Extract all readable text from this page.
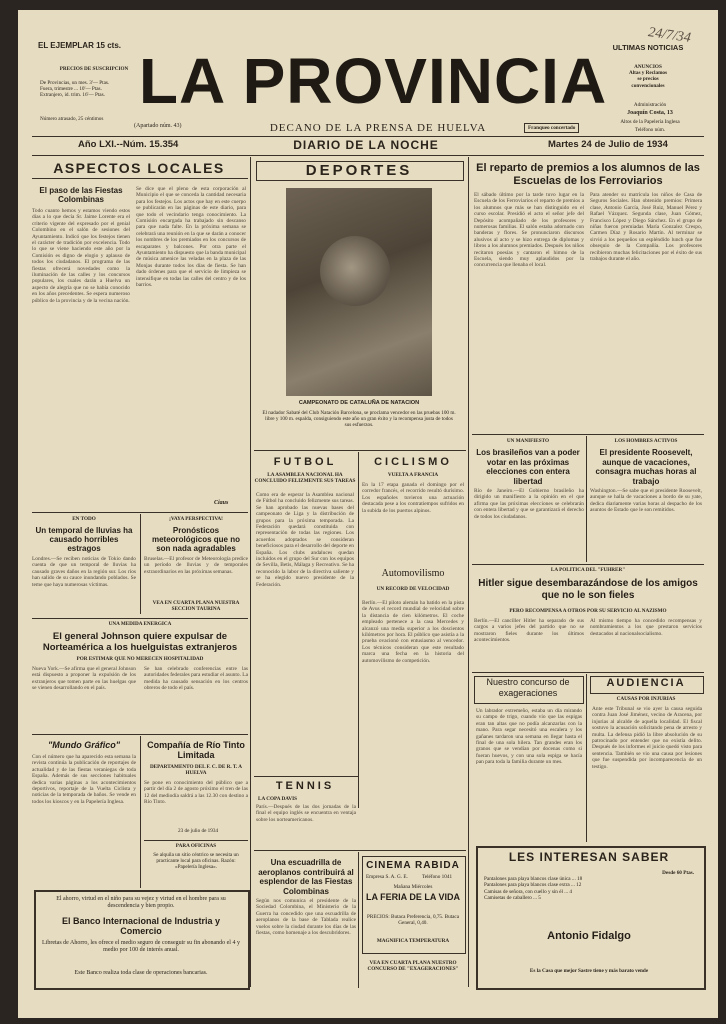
EL EJEMPLAR 15 cts.
PRECIOS DE SUSCRIPCION
De Provincias, un mes. 3'— Ptas.
Fuera, trimestre ... 10'— Ptas.
Extranjero, id. trim. 16'— Ptas.
Número atrasado, 25 céntimos
LA PROVINCIA
DECANO DE LA PRENSA DE HUELVA
(Apartado núm. 43)	Franqueo concertado
ULTIMAS NOTICIAS
ANUNCIOS
Altas y Reclamos
se precios
convencionales
Administración
Joaquín Costa, 13
Altos de la Papelería Inglesa
Teléfono núm.
24/7/34
Año LXI.--Núm. 15.354	DIARIO DE LA NOCHE	Martes 24 de Julio de 1934
ASPECTOS LOCALES
El paso de las Fiestas Colombinas
Todo cuanto hemos y estamos viendo estos días a lo que decía Sr. Jaime Lorente era el criterio vigente del expresado por el genial Colombino en el salón de sesiones del Ayuntamiento. Indicó que los festejos tienen el carácter de tradición por excelencia. Todo lo que se viene haciendo este año por la Comisión es digno de elogio y aplauso de todos los ciudadanos. El programa de las fiestas ofrecerá novedades como la iluminación de las calles y los concursos populares, los cuales darán a Huelva un aspecto de alegría que no se había conocido en los años precedentes. Se espera numeroso público de la provincia y de la vecina nación.
Se dice que el pleno de esta corporación al Municipio el que se conceda la cantidad necesaria para los festejos. Los actos que hay en este cuerpo se publicarán en las páginas de este diario, para que todo el vecindario tenga conocimiento. La Comisión encargada ha trabajado sin descanso para que nada falte. En la próxima semana se celebrará una reunión en la que se darán a conocer los nombres de los premiados en los concursos de escaparates y balcones. Por otra parte el Ayuntamiento ha dispuesto que la banda municipal de música amenice las veladas en la plaza de las Monjas durante todos los días de fiesta. Se han dado órdenes para que el servicio de limpieza se intensifique en todas las calles del centro y de los barrios.
Ciaus
EN TODO
Un temporal de lluvias ha causado horribles estragos
Londres.—Se reciben noticias de Tokio dando cuenta de que un temporal de lluvias ha causado graves daños en la región sur. Los ríos han salido de su cauce inundando poblados. Se teme que haya numerosas víctimas.
¡VAYA PERSPECTIVA!
Pronósticos meteorológicos que no son nada agradables
Bruselas.—El profesor de Meteorología predice un período de lluvias y de temporales extraordinarios en las próximas semanas.
VEA EN CUARTA PLANA NUESTRA SECCION TAURINA
UNA MEDIDA ENERGICA
El general Johnson quiere expulsar de Norteamérica a los huelguistas extranjeros
POR ESTIMAR QUE NO MERECEN HOSPITALIDAD
Nueva York.—Se afirma que el general Johnson está dispuesto a proponer la expulsión de los extranjeros que tomen parte en las huelgas que se vienen desarrollando en el país.
Se han celebrado conferencias entre las autoridades federales para estudiar el asunto. La medida ha causado sensación en los centros obreros de todo el país.
"Mundo Gráfico"
Con el número que ha aparecido esta semana la revista continúa la publicación de reportajes de actualidad y de las fiestas veraniegas de toda España. Además de sus secciones habituales dedica varias páginas a los acontecimientos deportivos, reportaje de la Vuelta Ciclista y noticias de la temporada de baños. Se vende en todos los kioscos y en la Papelería Inglesa.
Compañía de Río Tinto Limitada
DEPARTAMENTO DEL F. C. DE R. T. A HUELVA
Se pone en conocimiento del público que a partir del día 2 de agosto próximo el tren de las 12 del mediodía saldrá a las 12.30 con destino a Río Tinto.
23 de julio de 1934
PARA OFICINAS
Se alquila un sitio céntrico se necesita un practicante local para oficinas. Razón: «Papelería Inglesa».
El ahorro, virtud en el niño para su vejez y virtud en el hombre para su descendencia y bien propio.
El Banco Internacional de Industria y Comercio
Libretas de Ahorro, les ofrece el medio seguro de conseguir su fin abonando el 4 y medio por 100 de interés anual.
Este Banco realiza toda clase de operaciones bancarias.
DEPORTES
CAMPEONATO DE CATALUÑA DE NATACION
El nadador Sabaté del Club Natación Barcelona, se proclama vencedor en las pruebas 100 m. libre y 100 m. espalda, consiguiendo este año un gran éxito y la recompensa justa de todos sus esfuerzos.
FUTBOL
LA ASAMBLEA NACIONAL HA CONCLUIDO FELIZMENTE SUS TAREAS
Como era de esperar la Asamblea nacional de Fútbol ha concluido felizmente sus tareas. Se han aprobado las nuevas bases del campeonato de Liga y la distribución de grupos para la próxima temporada. La Federación quedará constituida con representación de todas las regiones. Los acuerdos adoptados se consideran beneficiosos para el desarrollo del deporte en España. Los clubs andaluces quedan incluidos en el grupo del Sur con los equipos de Sevilla, Betis, Málaga y Recreativo. Se ha reconocido la labor de la directiva saliente y se ha elegido nuevo presidente de la Federación.
CICLISMO
VUELTA A FRANCIA
En la 17 etapa ganada el domingo por el corredor francés, el recorrido resultó durísimo. Los españoles tuvieron una actuación destacada pese a los contratiempos sufridos en la subida de los puertos alpinos.
Automovilismo
UN RECORD DE VELOCIDAD
Berlín.—El piloto alemán ha batido en la pista de Avus el record mundial de velocidad sobre la distancia de cien kilómetros. El coche empleado pertenece a la casa Mercedes y alcanzó una media superior a los doscientos kilómetros por hora. El público que asistía a la prueba ovacionó con entusiasmo al vencedor. Los técnicos consideran que este resultado marca una fecha en la historia del automovilismo de competición.
TENNIS
LA COPA DAVIS
París.—Después de las dos jornadas de la final el equipo inglés se encuentra en ventaja sobre los norteamericanos.
Una escuadrilla de aeroplanos contribuirá al esplendor de las Fiestas Colombinas
Según nos comunica el presidente de la Sociedad Colombina, el Ministerio de la Guerra ha concedido que una escuadrilla de aeroplanos de la base de Tablada realice vuelos sobre la ciudad durante los días de las fiestas, como homenaje a los descubridores.
CINEMA RABIDA
Empresa S. A. G. E.	Teléfono 1041
Mañana Miércoles
LA FERIA DE LA VIDA
PRECIOS: Butaca Preferencia, 0,75. Butaca General, 0,40.
MAGNIFICA TEMPERATURA
VEA EN CUARTA PLANA NUESTRO CONCURSO DE "EXAGERACIONES"
El reparto de premios a los alumnos de las Escuelas de los Ferroviarios
El sábado último por la tarde tuvo lugar en la Escuela de los Ferroviarios el reparto de premios a los alumnos que más se han distinguido en el curso escolar. Presidió el acto el señor jefe del Depósito acompañado de los profesores y numerosas familias. El salón estaba adornado con banderas y flores. Se pronunciaron discursos alusivos al acto y se hizo entrega de diplomas y libros a los alumnos premiados. Después los niños recitaron poesías y cantaron el himno de la Escuela, siendo muy aplaudidos por la concurrencia que llenaba el local.
Para atender su matrícula los niños de Casa de Seguros Sociales. Han obtenido premios: Primera clase, Antonio García, José Ruiz, Manuel Pérez y Rafael Vázquez. Segunda clase, Juan Gómez, Francisco López y Diego Sánchez. En el grupo de niñas fueron premiadas María Gonzalez Crespo, Carmen Díaz y Rosario Martín. Al terminar se sirvió a los pequeños un espléndido lunch que fue obsequio de la Compañía. Los profesores recibieron muchas felicitaciones por el éxito de sus trabajos durante el año.
UN MANIFIESTO
Los brasileños van a poder votar en las próximas elecciones con entera libertad
Río de Janeiro.—El Gobierno brasileño ha dirigido un manifiesto a la opinión en el que afirma que las próximas elecciones se celebrarán con entera libertad y que se garantizará el derecho de todos los ciudadanos.
LOS HOMBRES ACTIVOS
El presidente Roosevelt, aunque de vacaciones, consagra muchas horas al trabajo
Washington.—Se sabe que el presidente Roosevelt, aunque se halla de vacaciones a bordo de su yate, dedica diariamente varias horas al despacho de los asuntos de Estado que le son remitidos.
LA POLITICA DEL "FUHRER"
Hitler sigue desembarazándose de los amigos que no le son fieles
PERO RECOMPENSA A OTROS POR SU SERVICIO AL NAZISMO
Berlín.—El canciller Hitler ha separado de sus cargos a varios jefes del partido que no se mostraron fieles durante los últimos acontecimientos.
Al mismo tiempo ha concedido recompensas y nombramientos a los que prestaron servicios destacados al nacionalsocialismo.
Nuestro concurso de exageraciones
Un labrador extremeño, estaba un día mirando su campo de trigo, cuando vio que las espigas eran tan altas que no podía alcanzarlas con la mano. Para segar necesitó una escalera y los gañanes tardaron una semana en llegar hasta el final de una sola hilera. Tan grandes eran los granos que se vendían por docenas como si fueran huevos, y con una sola espiga se hacía pan para toda la familia durante un mes.
AUDIENCIA
CAUSAS POR INJURIAS
Ante este Tribunal se vio ayer la causa seguida contra Juan José Jiménez, vecino de Aracena, por injurias al alcalde de aquella localidad. El fiscal sostuvo la acusación solicitando pena de arresto y multa. La defensa pidió la libre absolución de su patrocinado por entender que no existía delito. Después de los informes el juicio quedó visto para sentencia. También se vio una causa por lesiones que fue suspendida por incomparecencia de un testigo.
LES INTERESAN SABER
Desde 60 Ptas.
Pantalones para playa blancos clase única ... 18
Pantalones para playa blancos clase extra ... 12
Camisas de señora, con cuello y sin él ... 4
Camisetas de caballero ... 5
Antonio Fidalgo
Es la Casa que mejor Sastre tiene y más barato vende
